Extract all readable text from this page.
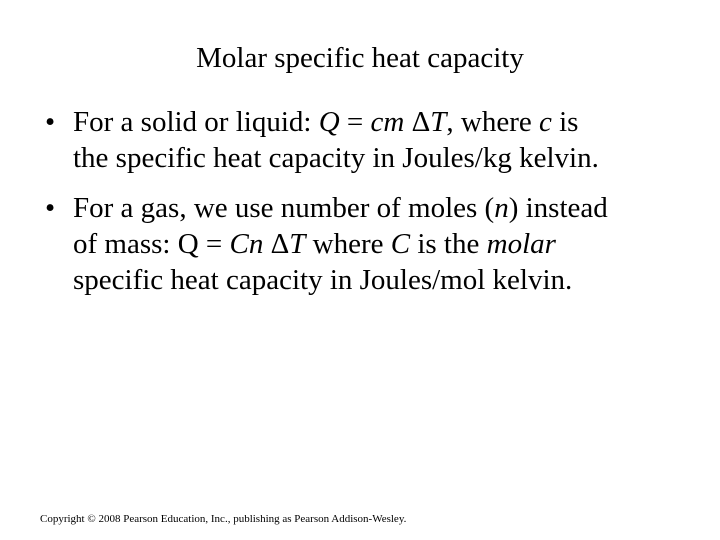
Molar specific heat capacity
• For a solid or liquid: Q = cm ΔT, where c is
the specific heat capacity in Joules/kg kelvin.
• For a gas, we use number of moles (n) instead
of mass: Q = Cn ΔT where C is the molar
specific heat capacity in Joules/mol kelvin.
Copyright © 2008 Pearson Education, Inc., publishing as Pearson Addison-Wesley.
